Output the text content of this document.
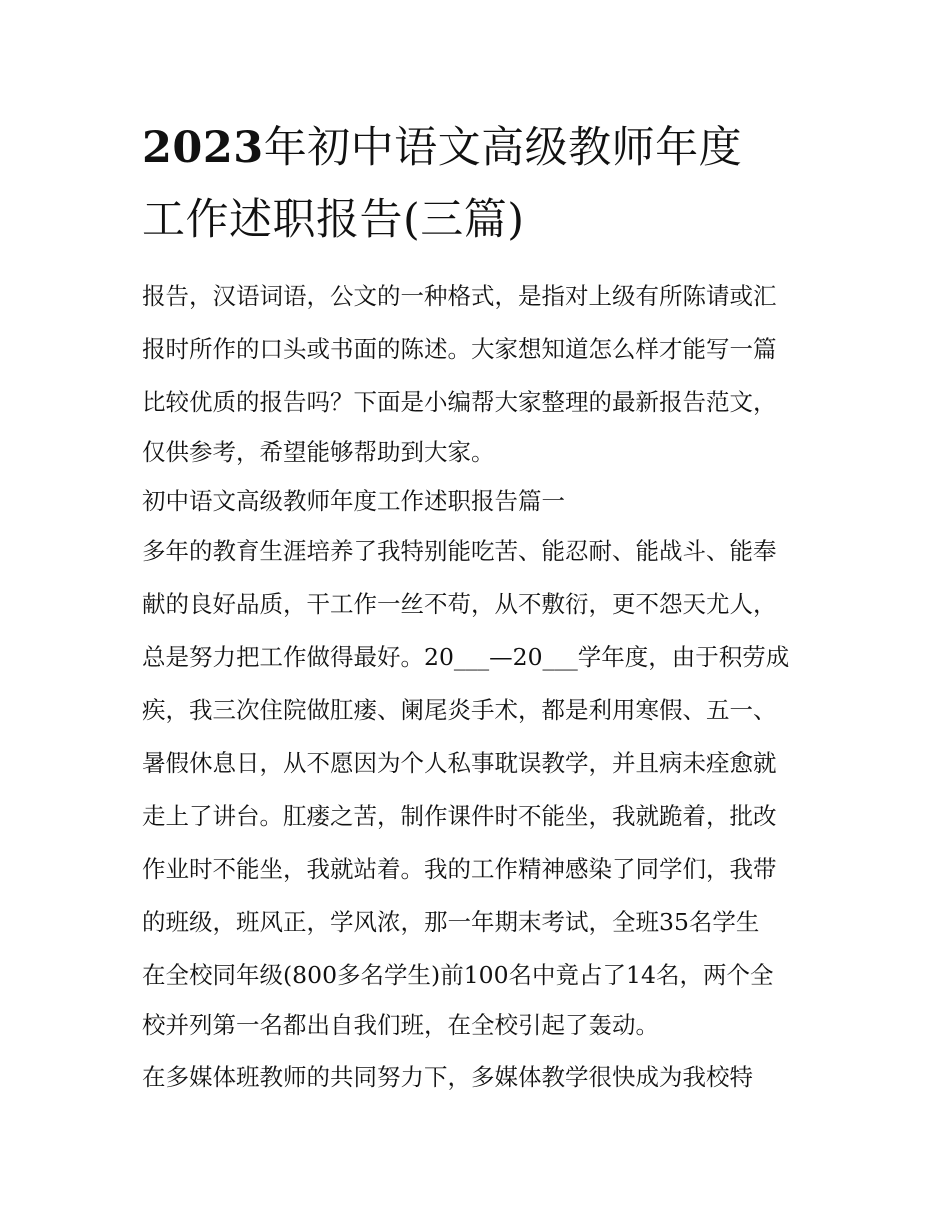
2023年初中语文高级教师年度
工作述职报告(三篇)
报告，汉语词语，公文的一种格式，是指对上级有所陈请或汇
报时所作的口头或书面的陈述。大家想知道怎么样才能写一篇
比较优质的报告吗？下面是小编帮大家整理的最新报告范文，
仅供参考，希望能够帮助到大家。
初中语文高级教师年度工作述职报告篇一
多年的教育生涯培养了我特别能吃苦、能忍耐、能战斗、能奉
献的良好品质，干工作一丝不苟，从不敷衍，更不怨天尤人，
总是努力把工作做得最好。20___—20___学年度，由于积劳成
疾，我三次住院做肛瘘、阑尾炎手术，都是利用寒假、五一、
暑假休息日，从不愿因为个人私事耽误教学，并且病未痊愈就
走上了讲台。肛瘘之苦，制作课件时不能坐，我就跪着，批改
作业时不能坐，我就站着。我的工作精神感染了同学们，我带
的班级，班风正，学风浓，那一年期末考试，全班35名学生
在全校同年级(800多名学生)前100名中竟占了14名，两个全
校并列第一名都出自我们班，在全校引起了轰动。
在多媒体班教师的共同努力下，多媒体教学很快成为我校特
